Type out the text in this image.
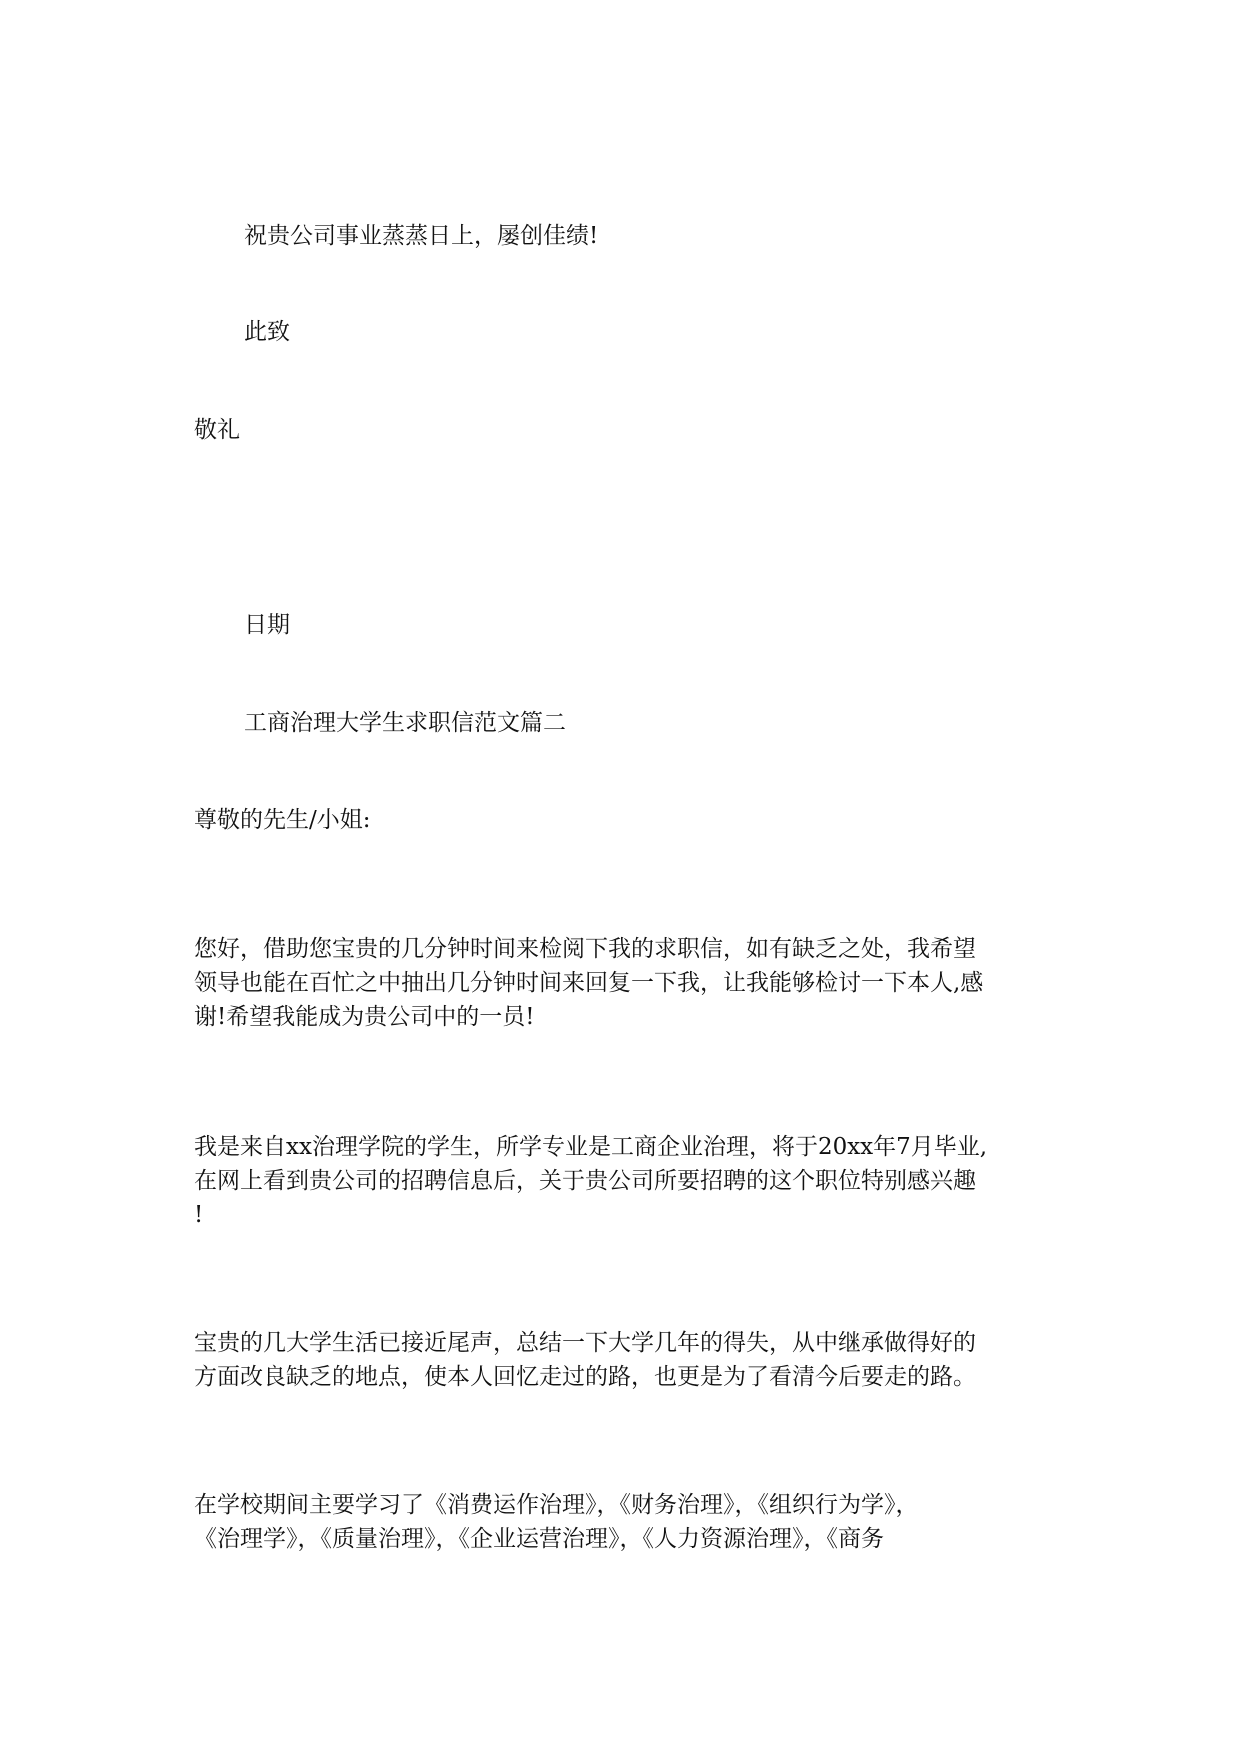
祝贵公司事业蒸蒸日上，屡创佳绩!

此致

敬礼

日期

工商治理大学生求职信范文篇二

尊敬的先生/小姐:

您好，借助您宝贵的几分钟时间来检阅下我的求职信，如有缺乏之处，我希望
领导也能在百忙之中抽出几分钟时间来回复一下我，让我能够检讨一下本人,感
谢!希望我能成为贵公司中的一员!
我是来自xx治理学院的学生，所学专业是工商企业治理，将于20xx年7月毕业,
在网上看到贵公司的招聘信息后，关于贵公司所要招聘的这个职位特别感兴趣
!
宝贵的几大学生活已接近尾声，总结一下大学几年的得失，从中继承做得好的
方面改良缺乏的地点，使本人回忆走过的路，也更是为了看清今后要走的路。
在学校期间主要学习了《消费运作治理》，《财务治理》，《组织行为学》，
《治理学》，《质量治理》，《企业运营治理》，《人力资源治理》，《商务
